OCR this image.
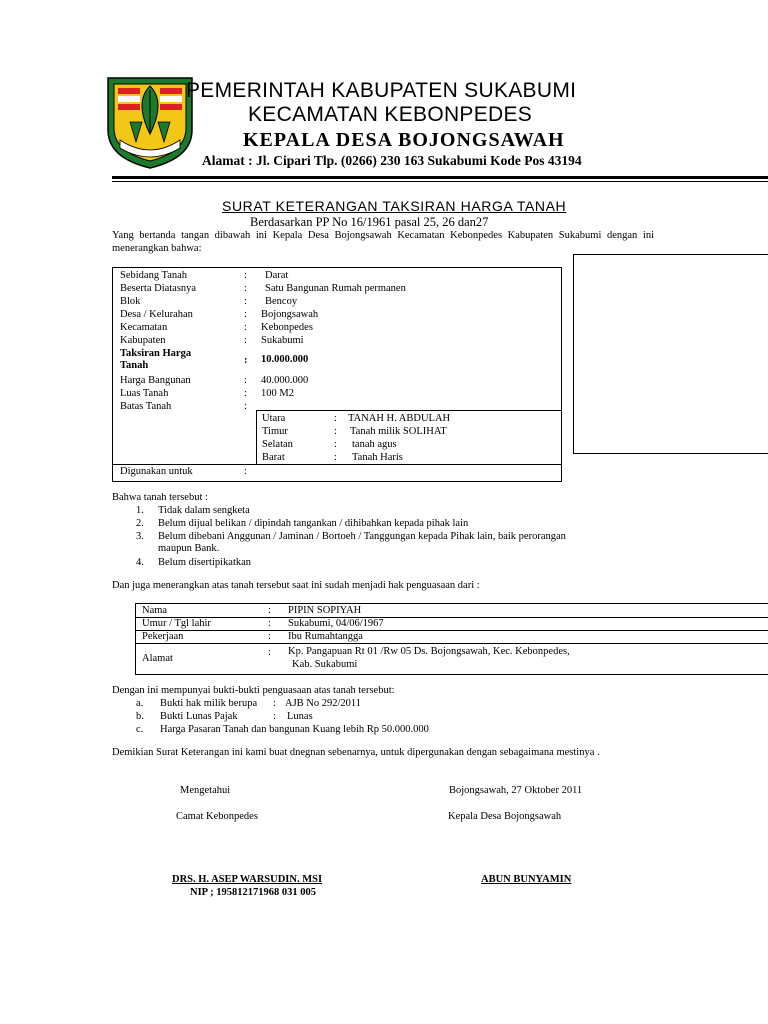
PEMERINTAH KABUPATEN SUKABUMI
KECAMATAN KEBONPEDES
KEPALA DESA BOJONGSAWAH
Alamat : Jl. Cipari Tlp. (0266) 230 163 Sukabumi Kode Pos 43194
SURAT KETERANGAN TAKSIRAN HARGA TANAH
Berdasarkan PP No 16/1961 pasal 25, 26 dan27
Yang bertanda tangan dibawah ini Kepala Desa Bojongsawah Kecamatan Kebonpedes Kabupaten Sukabumi dengan ini menerangkan bahwa:
Sebidang Tanah	: Darat
Beserta Diatasnya	: Satu Bangunan Rumah permanen
Blok	: Bencoy
Desa / Kelurahan	: Bojongsawah
Kecamatan	: Kebonpedes
Kabupaten	: Sukabumi
Taksiran Harga Tanah	: 10.000.000
Harga Bangunan	: 40.000.000
Luas Tanah	: 100 M2
Batas Tanah	:
Utara	: TANAH H. ABDULAH
Timur	: Tanah milik SOLIHAT
Selatan	: tanah agus
Barat	: Tanah Haris
Digunakan untuk	:
Bahwa tanah tersebut :
1. Tidak dalam sengketa
2. Belum dijual belikan / dipindah tangankan / dihibahkan kepada pihak lain
3. Belum dibebani Anggunan / Jaminan / Bortoeh / Tanggungan kepada Pihak lain, baik perorangan
maupun Bank.
4. Belum disertipikatkan
Dan juga menerangkan atas tanah tersebut saat ini sudah menjadi hak penguasaan dari :
Nama	: PIPIN SOPIYAH
Umur / Tgl lahir	: Sukabumi, 04/06/1967
Pekerjaan	: Ibu Rumahtangga
Alamat
: Kp. Pangapuan Rt 01 /Rw 05 Ds. Bojongsawah, Kec. Kebonpedes,
Kab. Sukabumi
Dengan ini mempunyai bukti-bukti penguasaan atas tanah tersebut:
a. Bukti hak milik berupa : AJB No 292/2011
b. Bukti Lunas Pajak	: Lunas
c. Harga Pasaran Tanah dan bangunan Kuang lebih Rp 50.000.000
Demikian Surat Keterangan ini kami buat dnegnan sebenarnya, untuk dipergunakan dengan sebagaimana mestinya .
Mengetahui	Bojongsawah, 27 Oktober 2011
Camat Kebonpedes	Kepala Desa Bojongsawah
DRS. H. ASEP WARSUDIN. MSI
NIP ; 195812171968 031 005
ABUN BUNYAMIN
